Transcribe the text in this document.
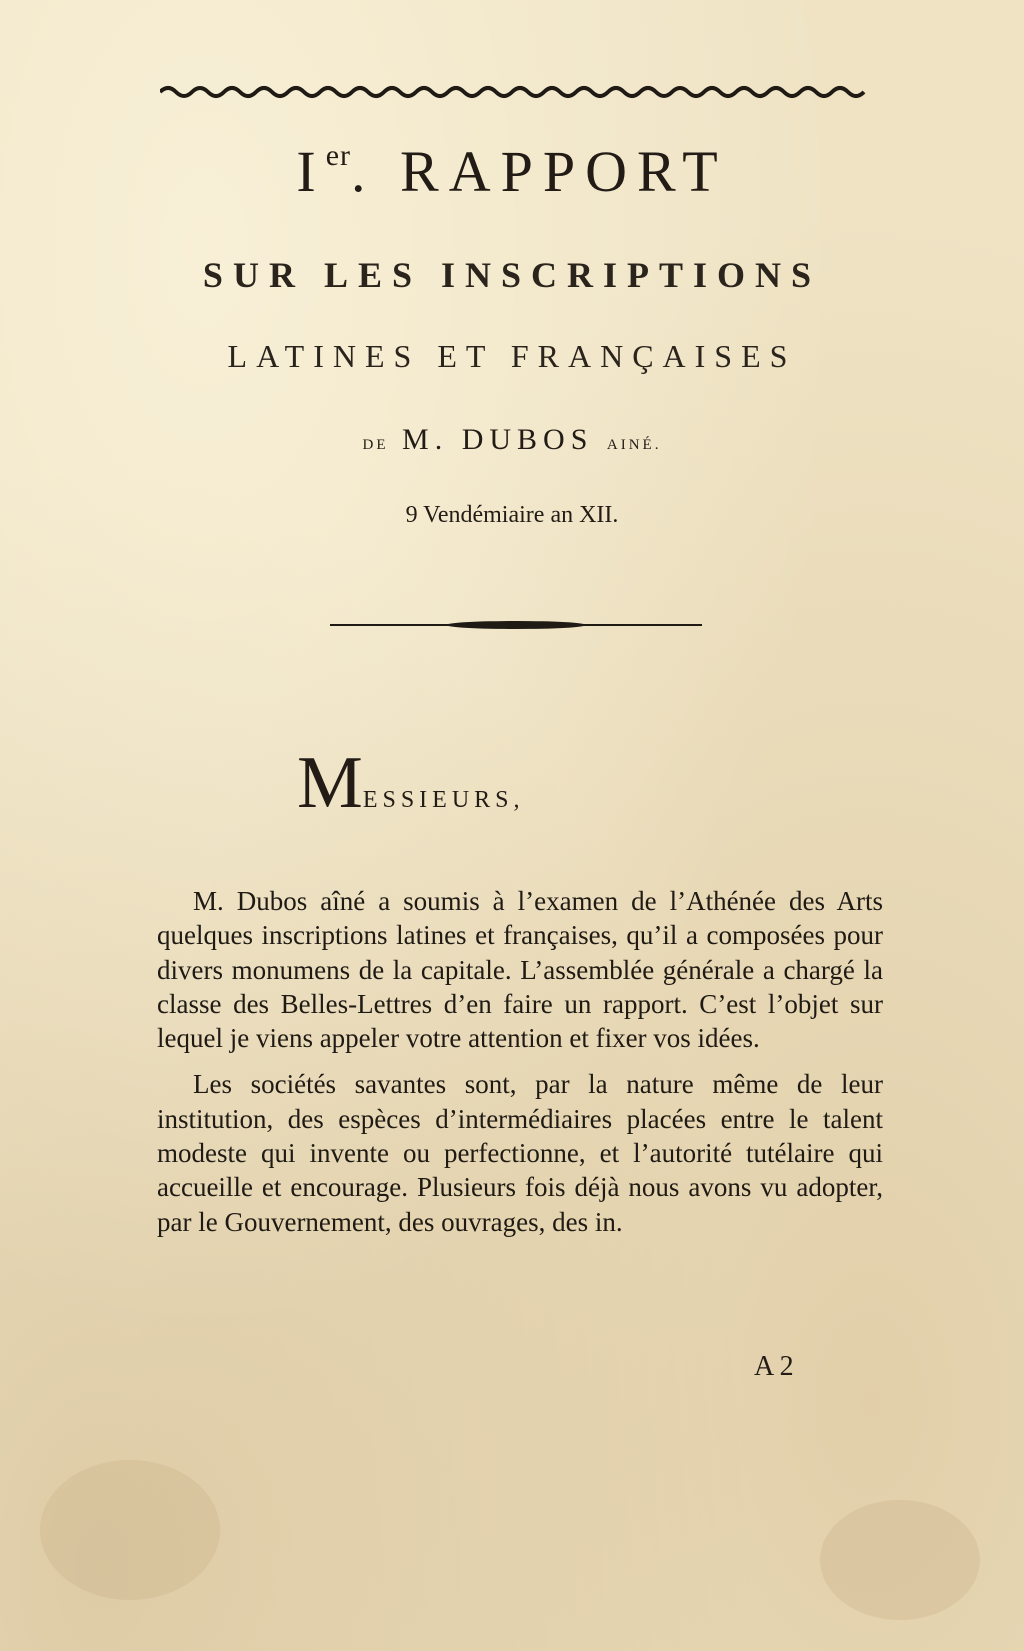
Ier. RAPPORT
SUR LES INSCRIPTIONS
LATINES ET FRANÇAISES
DE M. DUBOS AINÉ.
9 Vendémiaire an XII.
MESSIEURS,

M. Dubos aîné a soumis à l’examen de l’Athénée des Arts quelques inscriptions latines et françaises, qu’il a composées pour divers monumens de la capitale. L’assemblée générale a chargé la classe des Belles-Lettres d’en faire un rapport. C’est l’objet sur lequel je viens appeler votre attention et fixer vos idées.

Les sociétés savantes sont, par la nature même de leur institution, des espèces d’intermédiaires placées entre le talent modeste qui invente ou perfectionne, et l’autorité tutélaire qui accueille et encourage. Plusieurs fois déjà nous avons vu adopter, par le Gouvernement, des ouvrages, des in.

A 2
